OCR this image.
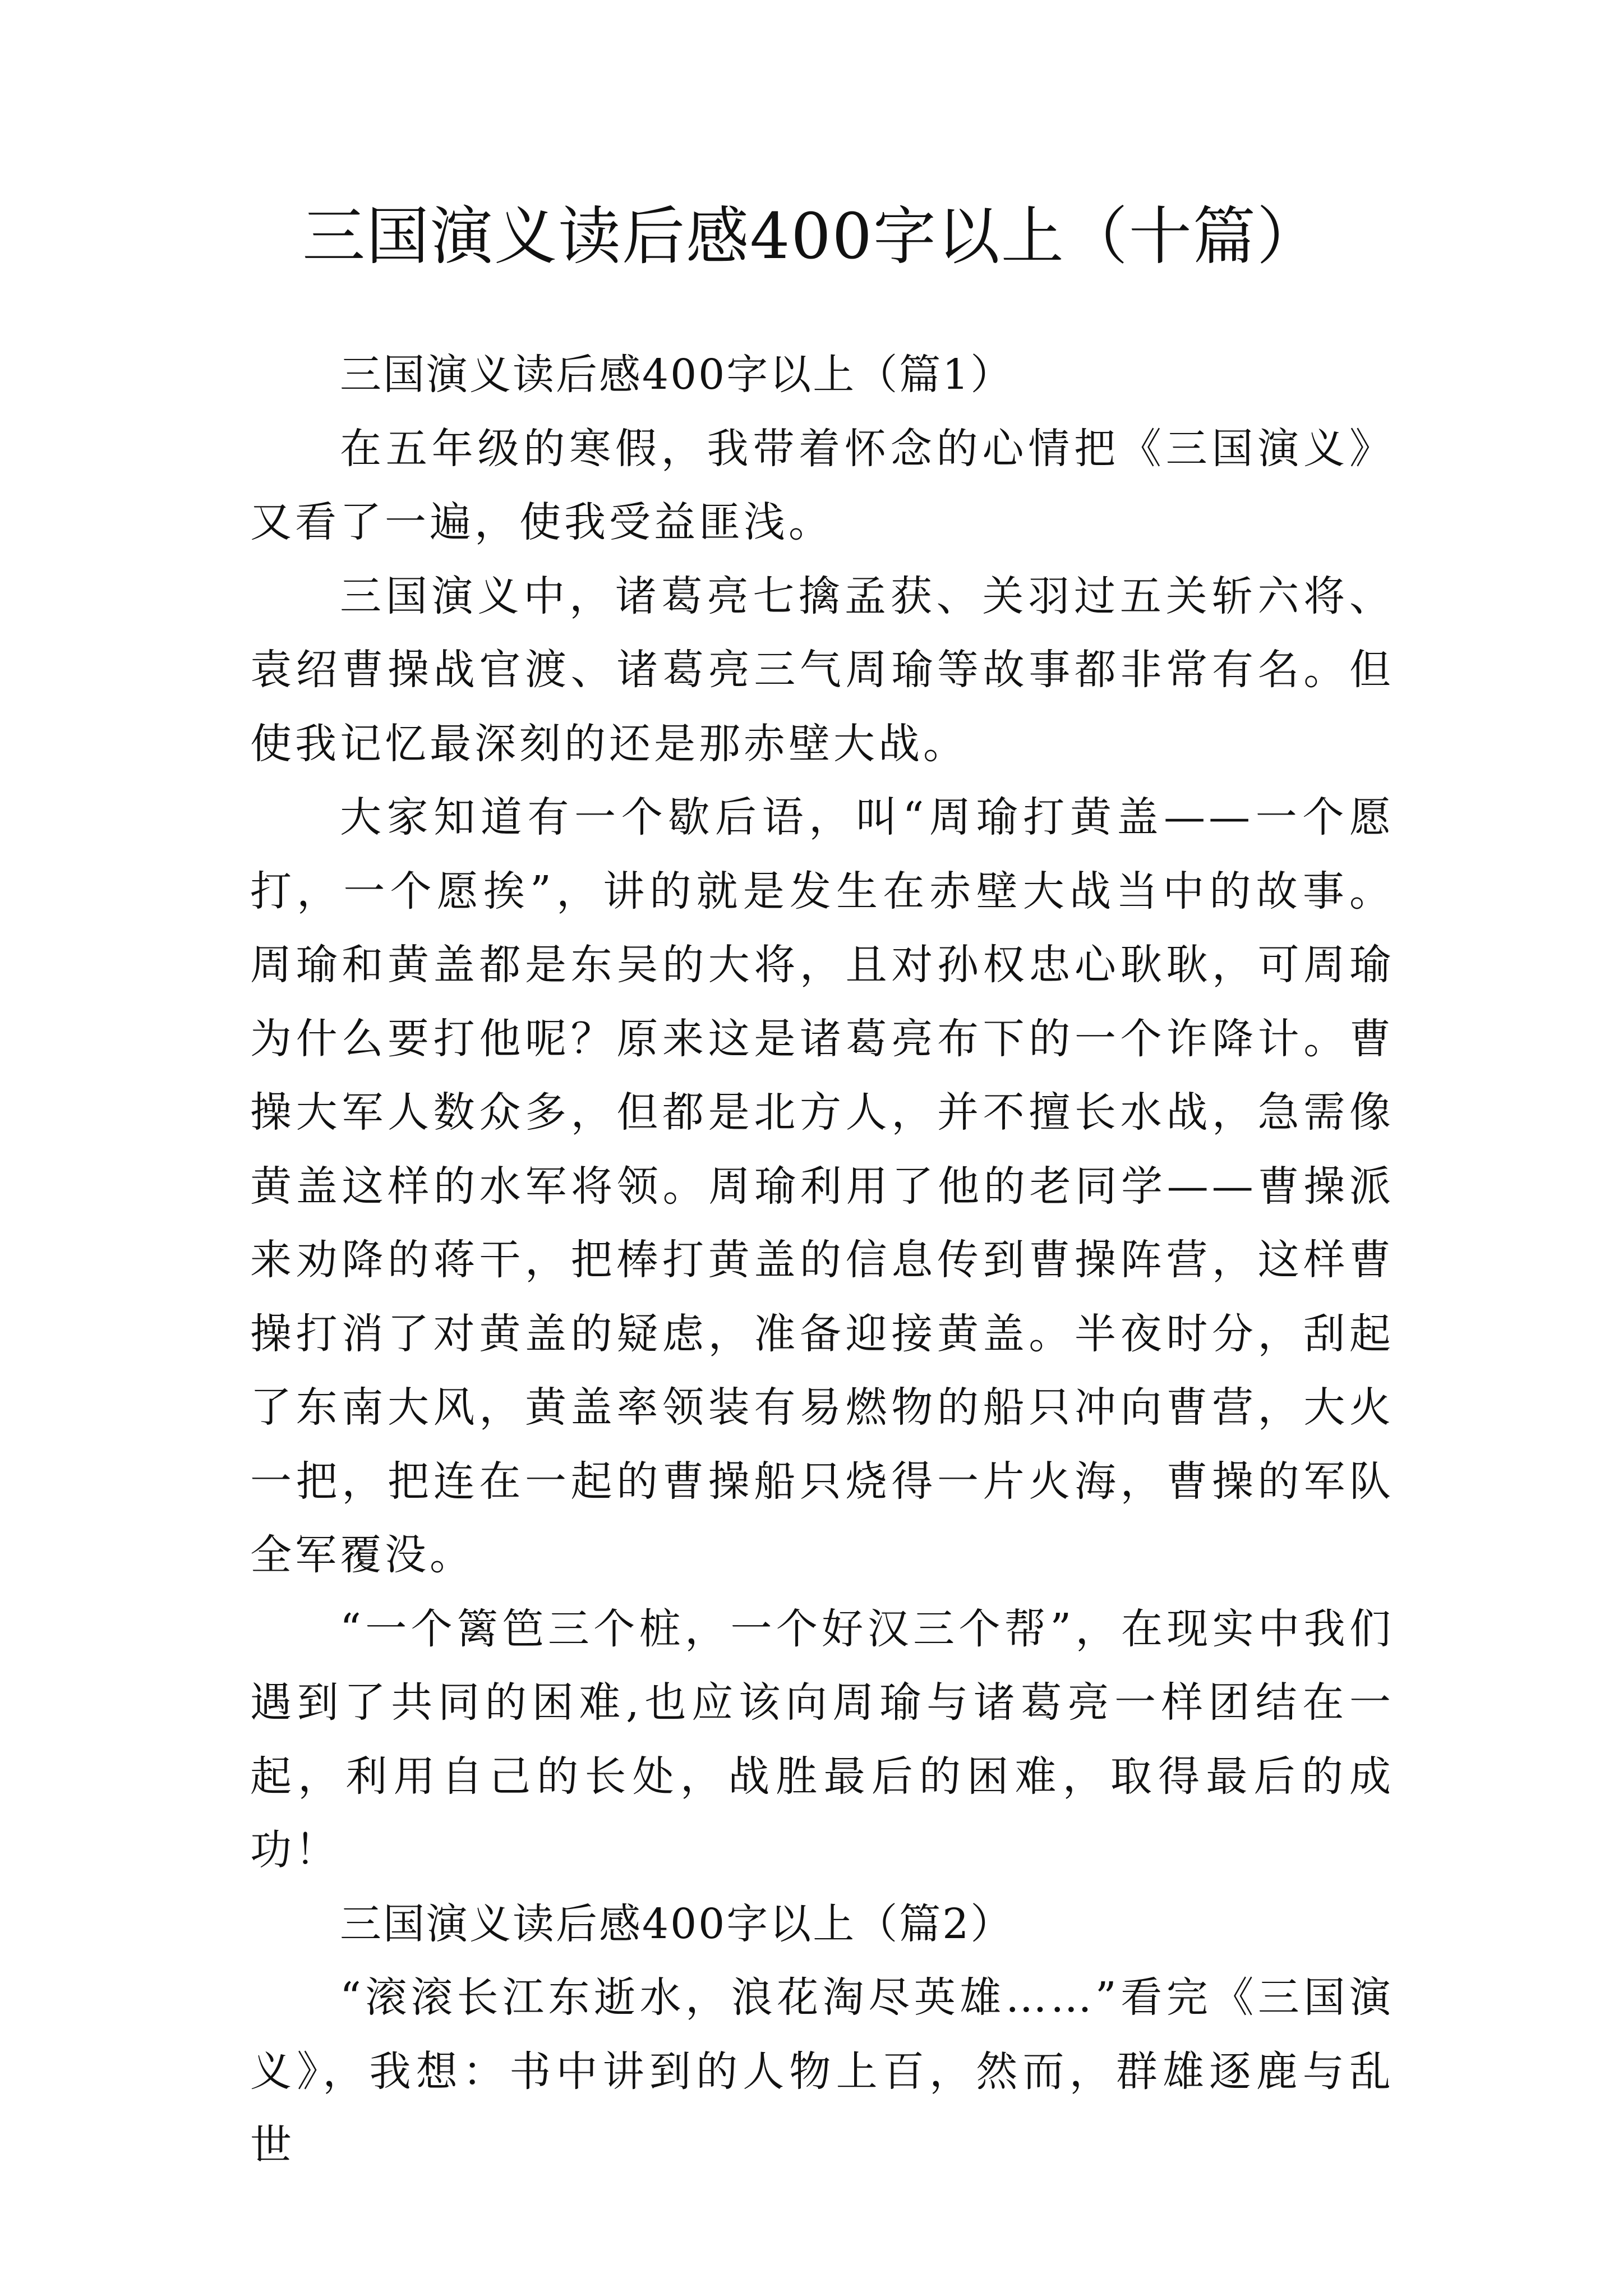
三国演义读后感400字以上（十篇）

三国演义读后感400字以上（篇1）

在五年级的寒假，我带着怀念的心情把《三国演义》又看了一遍，使我受益匪浅。

三国演义中，诸葛亮七擒孟获、关羽过五关斩六将、袁绍曹操战官渡、诸葛亮三气周瑜等故事都非常有名。但使我记忆最深刻的还是那赤壁大战。

大家知道有一个歇后语，叫“周瑜打黄盖——一个愿打，一个愿挨”，讲的就是发生在赤壁大战当中的故事。周瑜和黄盖都是东吴的大将，且对孙权忠心耿耿，可周瑜为什么要打他呢？原来这是诸葛亮布下的一个诈降计。曹操大军人数众多，但都是北方人，并不擅长水战，急需像黄盖这样的水军将领。周瑜利用了他的老同学——曹操派来劝降的蒋干，把棒打黄盖的信息传到曹操阵营，这样曹操打消了对黄盖的疑虑，准备迎接黄盖。半夜时分，刮起了东南大风，黄盖率领装有易燃物的船只冲向曹营，大火一把，把连在一起的曹操船只烧得一片火海，曹操的军队全军覆没。

“一个篱笆三个桩，一个好汉三个帮”，在现实中我们遇到了共同的困难,也应该向周瑜与诸葛亮一样团结在一起，利用自己的长处，战胜最后的困难，取得最后的成功！

三国演义读后感400字以上（篇2）

“滚滚长江东逝水，浪花淘尽英雄……”看完《三国演义》，我想：书中讲到的人物上百，然而，群雄逐鹿与乱世
